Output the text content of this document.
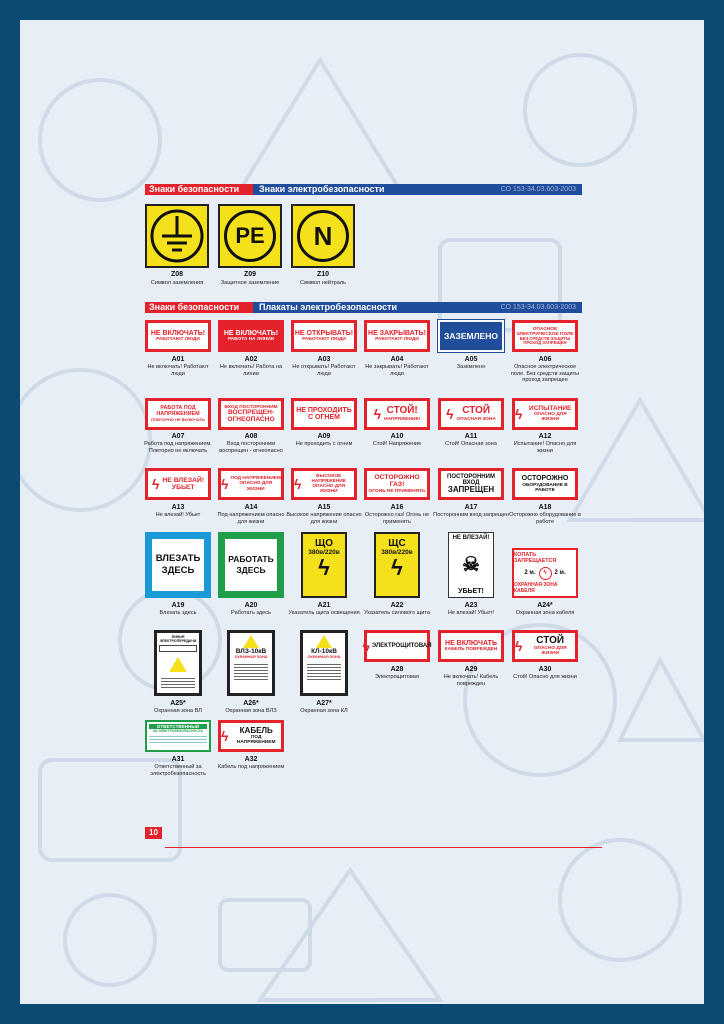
Знаки безопасности	Знаки электробезопасности	СО 153-34.03.603-2003
Z08
Символ заземления
PE
Z09
Защитное заземление
N
Z10
Символ нейтраль
Знаки безопасности	Плакаты электробезопасности	СО 153-34.03.603-2003
НЕ ВКЛЮЧАТЬ!
РАБОТАЮТ ЛЮДИ
A01
Не включать! Работают люди
НЕ ВКЛЮЧАТЬ!
РАБОТА НА ЛИНИИ
A02
Не включать! Работа на линии
НЕ ОТКРЫВАТЬ!
РАБОТАЮТ ЛЮДИ
A03
Не открывать! Работают люди
НЕ ЗАКРЫВАТЬ!
РАБОТАЮТ ЛЮДИ
A04
Не закрывать! Работают люди
ЗАЗЕМЛЕНО
A05
Заземлено
ОПАСНОЕ ЭЛЕКТРИЧЕСКОЕ ПОЛЕ
БЕЗ СРЕДСТВ ЗАЩИТЫ ПРОХОД ЗАПРЕЩЕН
A06
Опасное электрическое поле. Без средств защиты проход запрещен
РАБОТА ПОД НАПРЯЖЕНИЕМ
ПОВТОРНО НЕ ВКЛЮЧАТЬ
A07
Работа под напряжением. Повторно не включать
ВХОД ПОСТОРОННИМ
ВОСПРЕЩЕН- ОГНЕОПАСНО
A08
Вход посторонним воспрещен - огнеопасно
НЕ ПРОХОДИТЬ
С ОГНЕМ
A09
Не проходить с огнем
ϟ СТОЙ!
НАПРЯЖЕНИЕ!
A10
Стой! Напряжение
ϟ СТОЙ
ОПАСНАЯ ЗОНА
A11
Стой! Опасная зона
ϟ	ИСПЫТАНИЕ
ОПАСНО ДЛЯ ЖИЗНИ
A12
Испытание! Опасно для жизни
ϟ НЕ ВЛЕЗАЙ!
УБЬЕТ
A13
Не влезай! Убьет
ϟ ПОД НАПРЯЖЕНИЕМ
ОПАСНО ДЛЯ ЖИЗНИ
A14
Под напряжением опасно для жизни
ϟ	ВЫСОКОЕ НАПРЯЖЕНИЕ
ОПАСНО ДЛЯ ЖИЗНИ
A15
Высокое напряжение опасно для жизни
ОСТОРОЖНО ГАЗ!
ОГОНЬ НЕ ПРИМЕНЯТЬ
A16
Осторожно газ! Огонь не применять
ПОСТОРОННИМ ВХОД
ЗАПРЕЩЕН
A17
Посторонним вход запрещен
ОСТОРОЖНО
ОБОРУДОВАНИЕ В РАБОТЕ
A18
Осторожно оборудование в работе
ВЛЕЗАТЬ
ЗДЕСЬ
A19
Влезать здесь
РАБОТАТЬ
ЗДЕСЬ
A20
Работать здесь
ЩО
380в/220в
ϟ
A21
Указатель щита освещения
ЩС
380в/220в
ϟ
A22
Указатель силового щита
НЕ ВЛЕЗАЙ!
☠
УБЬЕТ!
A23
Не влезай! Убьет!
КОПАТЬ ЗАПРЕЩАЕТСЯ
2 м.	ϟ	2 м.
ОХРАННАЯ ЗОНА КАБЕЛЯ
A24*
Охранная зона кабеля
ЛИНИЯ ЭЛЕКТРОПЕРЕДАЧИ
A25*
Охранная зона ВЛ
ВЛЗ-10кВ
ОХРАННАЯ ЗОНА
A26*
Охранная зона ВЛЗ
КЛ-10кВ
ОХРАННАЯ ЗОНА
A27*
Охранная зона КЛ
ϟ ЭЛЕКТРОЩИТОВАЯ
A28
Электрощитовая
НЕ ВКЛЮЧАТЬ
КАБЕЛЬ ПОВРЕЖДЕН
A29
Не включать! Кабель поврежден
ϟ	СТОЙ
ОПАСНО ДЛЯ ЖИЗНИ
A30
Стой! Опасно для жизни
ОТВЕТСТВЕННЫЙ
ЗА ЭЛЕКТРОБЕЗОПАСНОСТЬ
A31
Ответственный за электробезопасность
ϟ	КАБЕЛЬ
ПОД НАПРЯЖЕНИЕМ
A32
Кабель под напряжением
10
